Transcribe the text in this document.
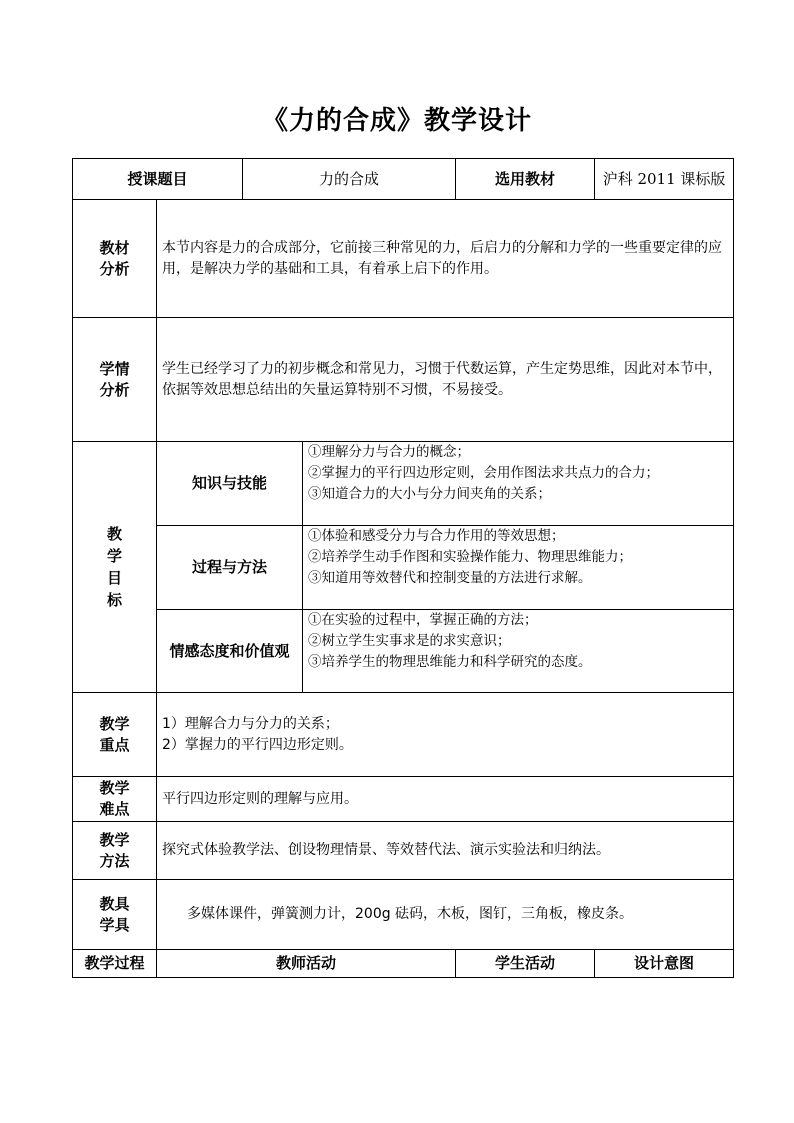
《力的合成》教学设计
授课题目		力的合成		选用教材	沪科 2011 课标版

教材
分析	本节内容是力的合成部分，它前接三种常见的力，后启力的分解和力学的一些重要定律的应用，是解决力学的基础和工具，有着承上启下的作用。				

学情
分析	学生已经学习了力的初步概念和常见力，习惯于代数运算，产生定势思维，因此对本节中，依据等效思想总结出的矢量运算特别不习惯，不易接受。				

教
学
目
标	知识与技能		①理解分力与合力的概念；
②掌握力的平行四边形定则，会用作图法求共点力的合力；
③知道合力的大小与分力间夹角的关系；		

	过程与方法		①体验和感受分力与合力作用的等效思想；
②培养学生动手作图和实验操作能力、物理思维能力；
③知道用等效替代和控制变量的方法进行求解。		

	情感态度和价值观		①在实验的过程中，掌握正确的方法；
②树立学生实事求是的求实意识；
③培养学生的物理思维能力和科学研究的态度。		

教学
重点	1）理解合力与分力的关系；
2）掌握力的平行四边形定则。				

教学
难点	平行四边形定则的理解与应用。				

教学
方法	探究式体验教学法、创设物理情景、等效替代法、演示实验法和归纳法。				

教具
学具	多媒体课件，弹簧测力计，200g 砝码，木板，图钉，三角板，橡皮条。				
教学过程	教师活动			学生活动	设计意图
